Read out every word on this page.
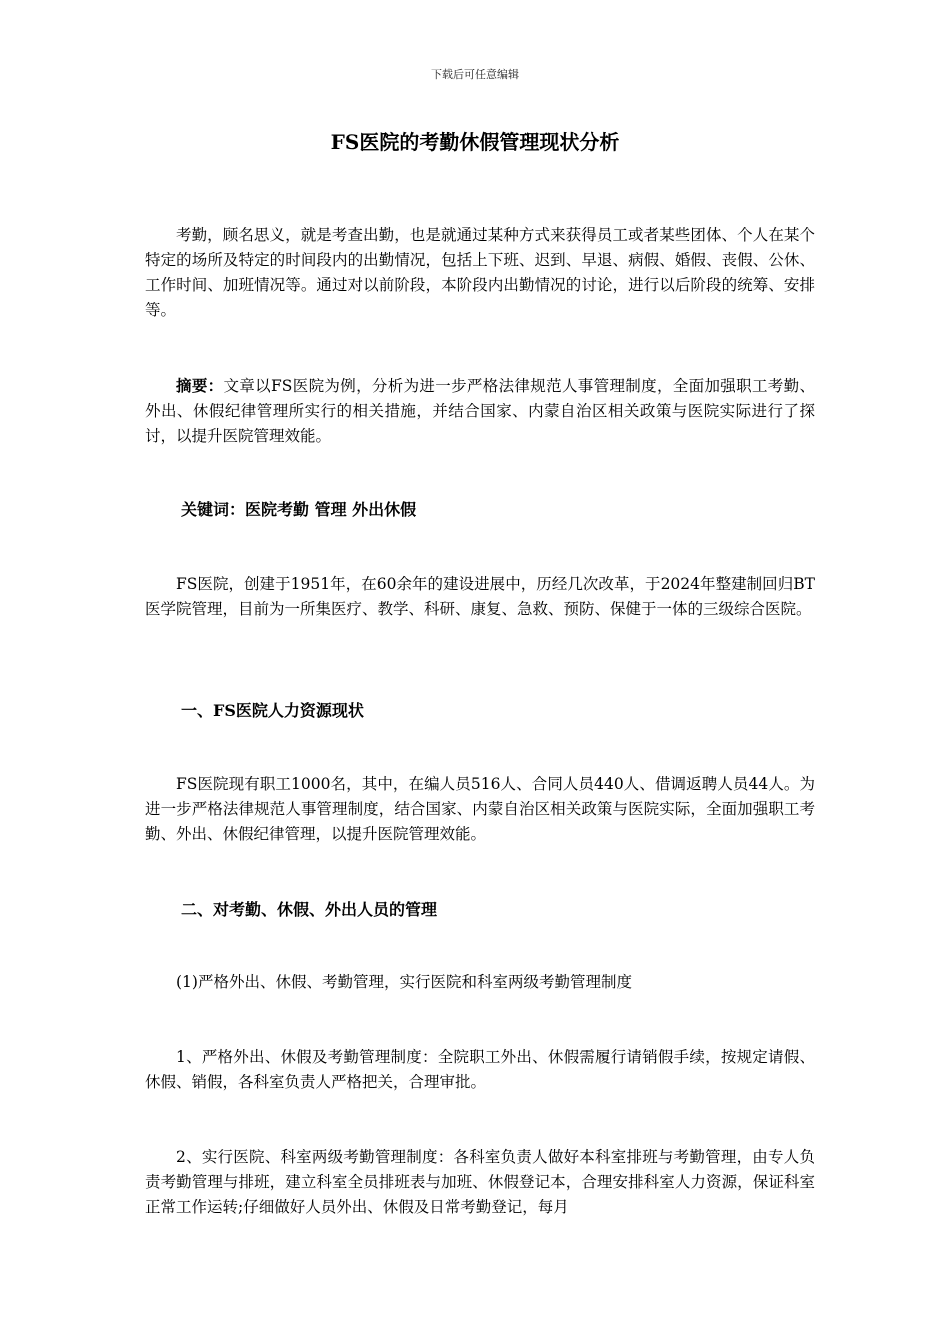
下载后可任意编辑
FS医院的考勤休假管理现状分析

考勤，顾名思义，就是考查出勤，也是就通过某种方式来获得员工或者某些团体、个人在某个特定的场所及特定的时间段内的出勤情况，包括上下班、迟到、早退、病假、婚假、丧假、公休、工作时间、加班情况等。通过对以前阶段，本阶段内出勤情况的讨论，进行以后阶段的统筹、安排等。

摘要：文章以FS医院为例，分析为进一步严格法律规范人事管理制度，全面加强职工考勤、外出、休假纪律管理所实行的相关措施，并结合国家、内蒙自治区相关政策与医院实际进行了探讨，以提升医院管理效能。

关键词：医院考勤 管理 外出休假

FS医院，创建于1951年，在60余年的建设进展中，历经几次改革，于2024年整建制回归BT医学院管理，目前为一所集医疗、教学、科研、康复、急救、预防、保健于一体的三级综合医院。

一、FS医院人力资源现状

FS医院现有职工1000名，其中，在编人员516人、合同人员440人、借调返聘人员44人。为进一步严格法律规范人事管理制度，结合国家、内蒙自治区相关政策与医院实际，全面加强职工考勤、外出、休假纪律管理，以提升医院管理效能。

二、对考勤、休假、外出人员的管理

(1)严格外出、休假、考勤管理，实行医院和科室两级考勤管理制度

1、严格外出、休假及考勤管理制度：全院职工外出、休假需履行请销假手续，按规定请假、休假、销假，各科室负责人严格把关，合理审批。

2、实行医院、科室两级考勤管理制度：各科室负责人做好本科室排班与考勤管理，由专人负责考勤管理与排班，建立科室全员排班表与加班、休假登记本，合理安排科室人力资源，保证科室正常工作运转;仔细做好人员外出、休假及日常考勤登记，每月
